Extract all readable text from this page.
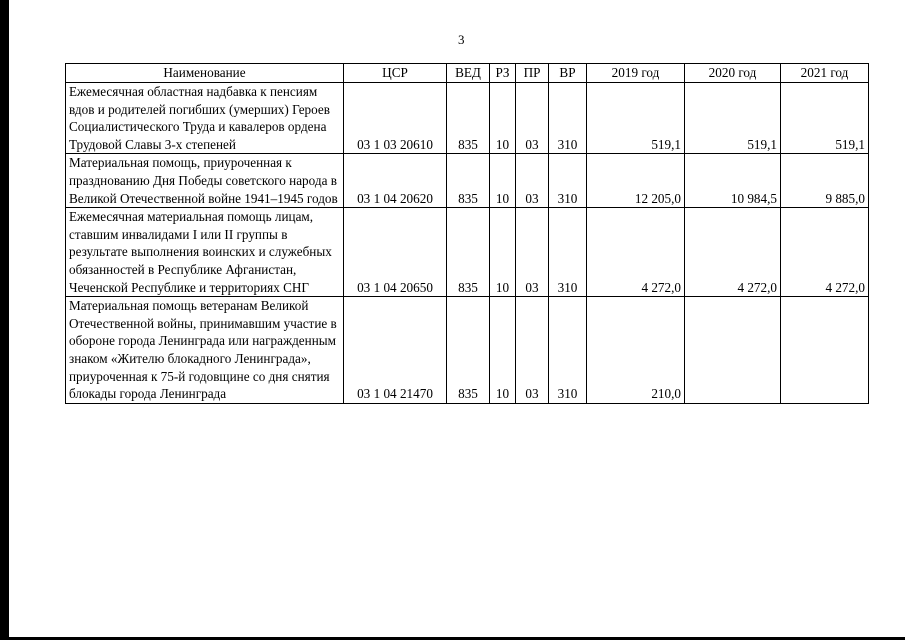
3
Наименование	ЦСР	ВЕД	РЗ	ПР	ВР	2019 год	2020 год	2021 год
Ежемесячная областная надбавка к пенсиям вдов и родителей погибших (умерших) Героев Социалистического Труда и кавалеров ордена Трудовой Славы 3-х степеней	03 1 03 20610	835	10	03	310	519,1	519,1	519,1
Материальная помощь, приуроченная к празднованию Дня Победы советского народа в Великой Отечественной войне 1941–1945 годов	03 1 04 20620	835	10	03	310	12 205,0	10 984,5	9 885,0
Ежемесячная материальная помощь лицам, ставшим инвалидами I или II группы в результате выполнения воинских и служебных обязанностей в Республике Афганистан, Чеченской Республике и территориях СНГ	03 1 04 20650	835	10	03	310	4 272,0	4 272,0	4 272,0
Материальная помощь ветеранам Великой Отечественной войны, принимавшим участие в обороне города Ленинграда или награжденным знаком «Жителю блокадного Ленинграда», приуроченная к 75-й годовщине со дня снятия блокады города Ленинграда	03 1 04 21470	835	10	03	310	210,0		
